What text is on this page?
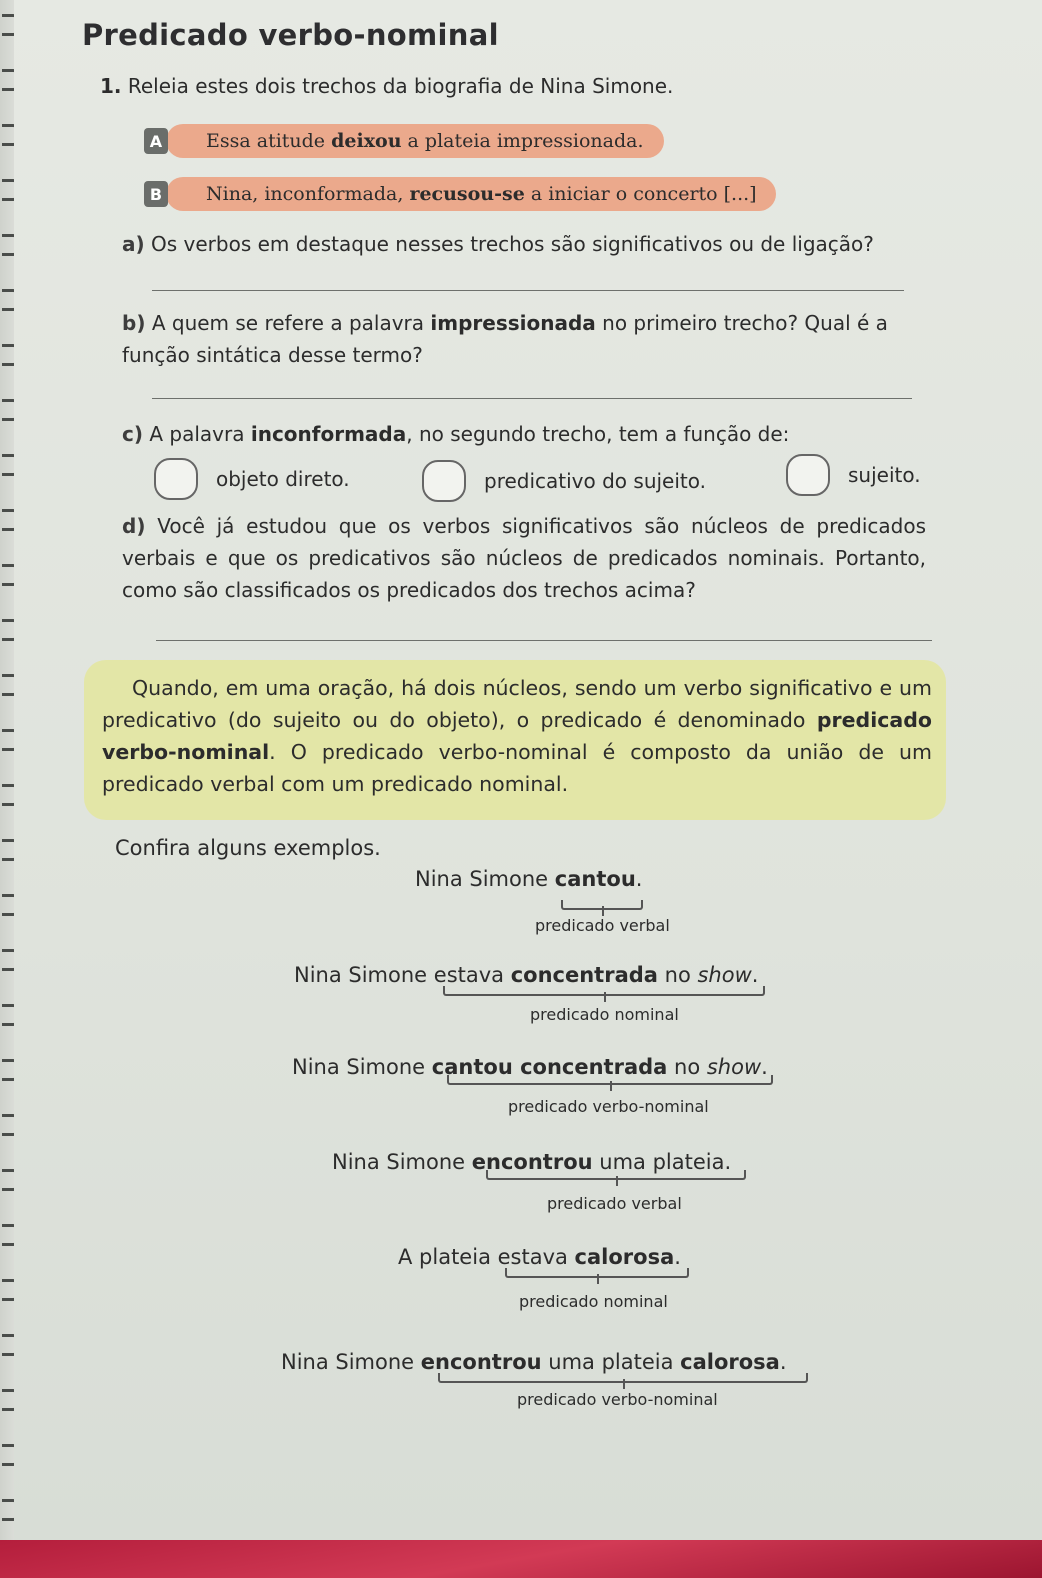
Predicado verbo-nominal
1. Releia estes dois trechos da biografia de Nina Simone.
A	Essa atitude deixou a plateia impressionada.
B	Nina, inconformada, recusou-se a iniciar o concerto [...]
a) Os verbos em destaque nesses trechos são significativos ou de ligação?
b) A quem se refere a palavra impressionada no primeiro trecho? Qual é a função sintática desse termo?
c) A palavra inconformada, no segundo trecho, tem a função de:
objeto direto.	predicativo do sujeito.	sujeito.
d) Você já estudou que os verbos significativos são núcleos de predicados verbais e que os predicativos são núcleos de predicados nominais. Portanto, como são classificados os predicados dos trechos acima?

Quando, em uma oração, há dois núcleos, sendo um verbo significativo e um predicativo (do sujeito ou do objeto), o predicado é denominado predicado verbo-nominal. O predicado verbo-nominal é composto da união de um predicado verbal com um predicado nominal.

Confira alguns exemplos.
Nina Simone cantou.
predicado verbal
Nina Simone estava concentrada no show.
predicado nominal
Nina Simone cantou concentrada no show.
predicado verbo-nominal
Nina Simone encontrou uma plateia.
predicado verbal
A plateia estava calorosa.
predicado nominal
Nina Simone encontrou uma plateia calorosa.
predicado verbo-nominal
